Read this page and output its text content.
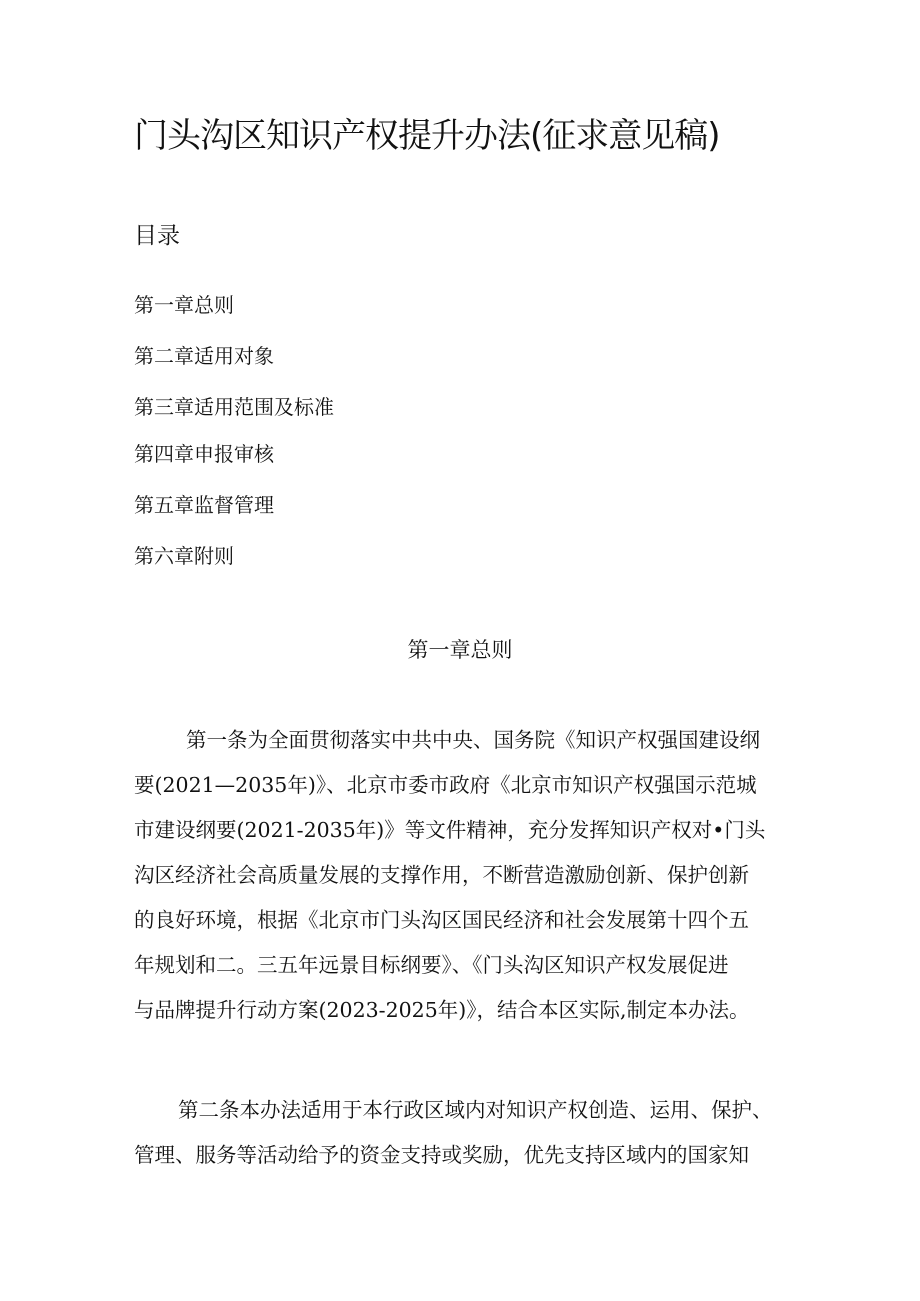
门头沟区知识产权提升办法(征求意见稿)
目录
第一章总则
第二章适用对象
第三章适用范围及标准
第四章申报审核
第五章监督管理
第六章附则
第一章总则
第一条为全面贯彻落实中共中央、国务院《知识产权强国建设纲
要(2021—2035年)》、北京市委市政府《北京市知识产权强国示范城
市建设纲要(2021-2035年)》等文件精神，充分发挥知识产权对•门头
沟区经济社会高质量发展的支撑作用，不断营造激励创新、保护创新
的良好环境，根据《北京市门头沟区国民经济和社会发展第十四个五
年规划和二。三五年远景目标纲要》、《门头沟区知识产权发展促进
与品牌提升行动方案(2023-2025年)》，结合本区实际,制定本办法。
第二条本办法适用于本行政区域内对知识产权创造、运用、保护、
管理、服务等活动给予的资金支持或奖励，优先支持区域内的国家知
